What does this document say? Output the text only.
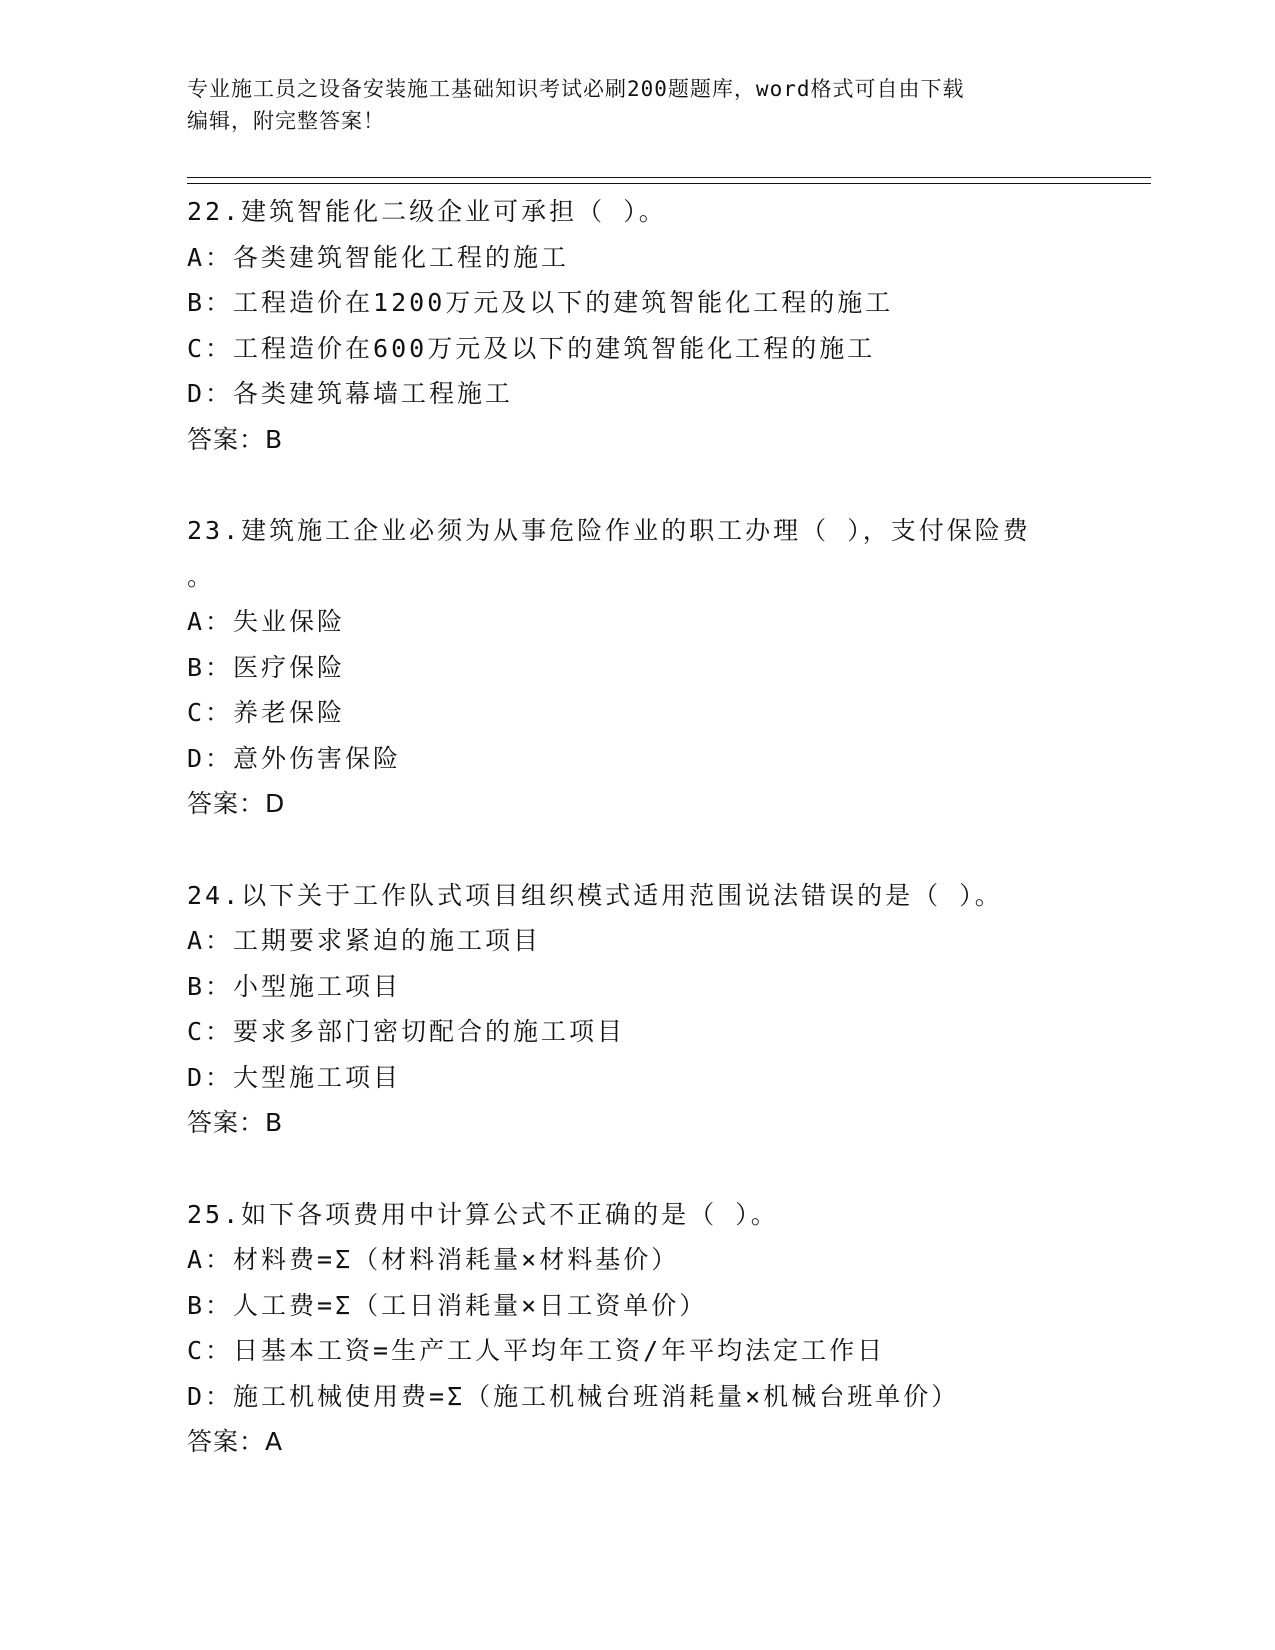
专业施工员之设备安装施工基础知识考试必刷200题题库，word格式可自由下载
编辑，附完整答案！
22.建筑智能化二级企业可承担（ ）。
A：各类建筑智能化工程的施工
B：工程造价在1200万元及以下的建筑智能化工程的施工
C：工程造价在600万元及以下的建筑智能化工程的施工
D：各类建筑幕墙工程施工
答案：B
23.建筑施工企业必须为从事危险作业的职工办理（ ），支付保险费
。
A：失业保险
B：医疗保险
C：养老保险
D：意外伤害保险
答案：D
24.以下关于工作队式项目组织模式适用范围说法错误的是（ ）。
A：工期要求紧迫的施工项目
B：小型施工项目
C：要求多部门密切配合的施工项目
D：大型施工项目
答案：B
25.如下各项费用中计算公式不正确的是（ ）。
A：材料费=Σ（材料消耗量×材料基价）
B：人工费=Σ（工日消耗量×日工资单价）
C：日基本工资=生产工人平均年工资/年平均法定工作日
D：施工机械使用费=Σ（施工机械台班消耗量×机械台班单价）
答案：A
